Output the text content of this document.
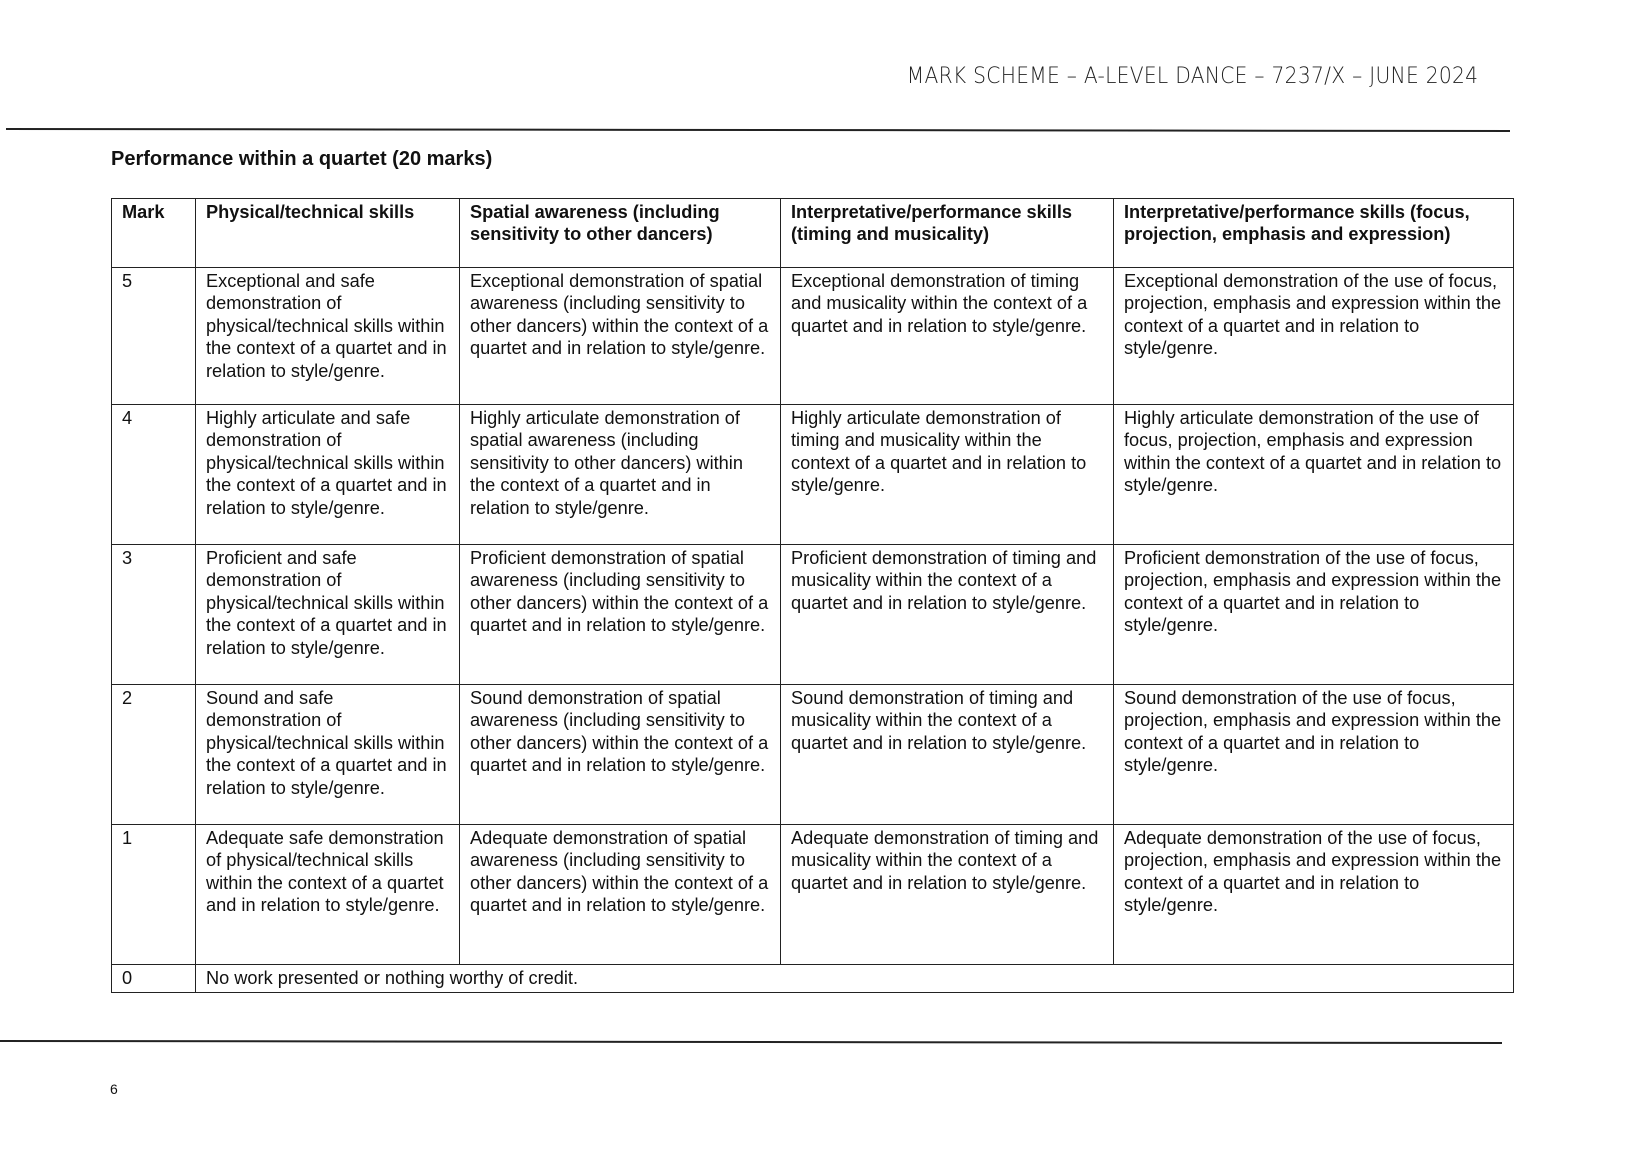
MARK SCHEME – A-LEVEL DANCE – 7237/X – JUNE 2024
Performance within a quartet (20 marks)
Mark	Physical/technical skills	Spatial awareness (including sensitivity to other dancers)	Interpretative/performance skills (timing and musicality)	Interpretative/performance skills (focus, projection, emphasis and expression)
5	Exceptional and safe demonstration of physical/technical skills within the context of a quartet and in relation to style/genre.	Exceptional demonstration of spatial awareness (including sensitivity to other dancers) within the context of a quartet and in relation to style/genre.	Exceptional demonstration of timing and musicality within the context of a quartet and in relation to style/genre.	Exceptional demonstration of the use of focus, projection, emphasis and expression within the context of a quartet and in relation to style/genre.
4	Highly articulate and safe demonstration of physical/technical skills within the context of a quartet and in relation to style/genre.	Highly articulate demonstration of spatial awareness (including sensitivity to other dancers) within the context of a quartet and in relation to style/genre.	Highly articulate demonstration of timing and musicality within the context of a quartet and in relation to style/genre.	Highly articulate demonstration of the use of focus, projection, emphasis and expression within the context of a quartet and in relation to style/genre.
3	Proficient and safe demonstration of physical/technical skills within the context of a quartet and in relation to style/genre.	Proficient demonstration of spatial awareness (including sensitivity to other dancers) within the context of a quartet and in relation to style/genre.	Proficient demonstration of timing and musicality within the context of a quartet and in relation to style/genre.	Proficient demonstration of the use of focus, projection, emphasis and expression within the context of a quartet and in relation to style/genre.
2	Sound and safe demonstration of physical/technical skills within the context of a quartet and in relation to style/genre.	Sound demonstration of spatial awareness (including sensitivity to other dancers) within the context of a quartet and in relation to style/genre.	Sound demonstration of timing and musicality within the context of a quartet and in relation to style/genre.	Sound demonstration of the use of focus, projection, emphasis and expression within the context of a quartet and in relation to style/genre.
1	Adequate safe demonstration of physical/technical skills within the context of a quartet and in relation to style/genre.	Adequate demonstration of spatial awareness (including sensitivity to other dancers) within the context of a quartet and in relation to style/genre.	Adequate demonstration of timing and musicality within the context of a quartet and in relation to style/genre.	Adequate demonstration of the use of focus, projection, emphasis and expression within the context of a quartet and in relation to style/genre.
0	No work presented or nothing worthy of credit.			
6
